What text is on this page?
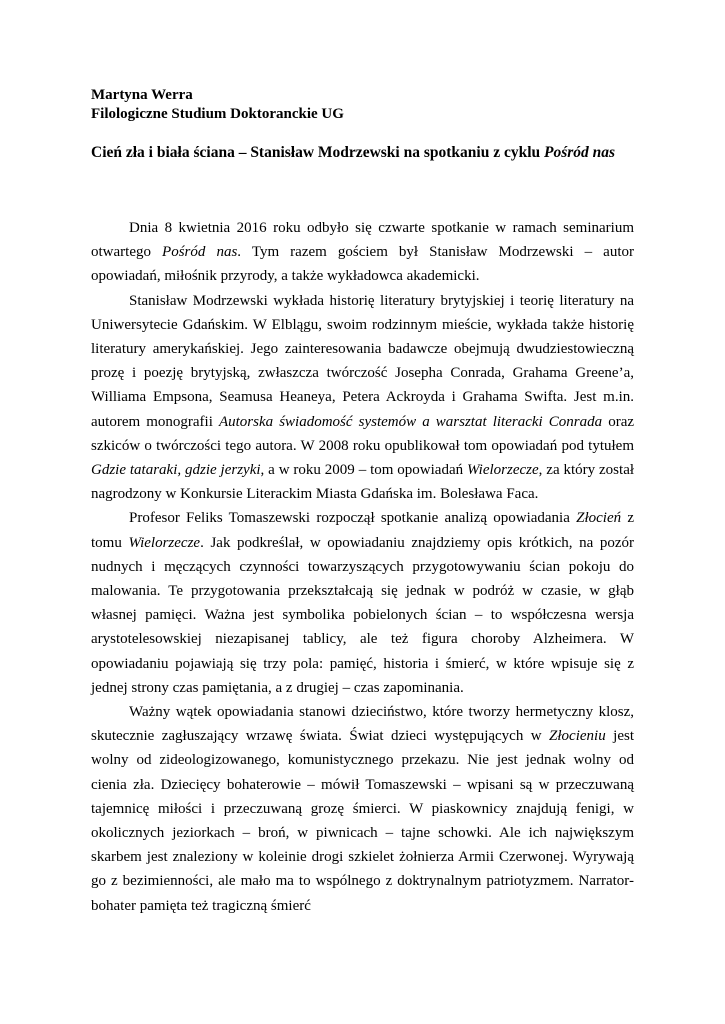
Martyna Werra

Filologiczne Studium Doktoranckie UG

Cień zła i biała ściana – Stanisław Modrzewski na spotkaniu z cyklu Pośród nas

Dnia 8 kwietnia 2016 roku odbyło się czwarte spotkanie w ramach seminarium otwartego Pośród nas. Tym razem gościem był Stanisław Modrzewski – autor opowiadań, miłośnik przyrody, a także wykładowca akademicki.

Stanisław Modrzewski wykłada historię literatury brytyjskiej i teorię literatury na Uniwersytecie Gdańskim. W Elblągu, swoim rodzinnym mieście, wykłada także historię literatury amerykańskiej. Jego zainteresowania badawcze obejmują dwudziestowieczną prozę i poezję brytyjską, zwłaszcza twórczość Josepha Conrada, Grahama Greene’a, Williama Empsona, Seamusa Heaneya, Petera Ackroyda i Grahama Swifta. Jest m.in. autorem monografii Autorska świadomość systemów a warsztat literacki Conrada oraz szkiców o twórczości tego autora. W 2008 roku opublikował tom opowiadań pod tytułem Gdzie tataraki, gdzie jerzyki, a w roku 2009 – tom opowiadań Wielorzecze, za który został nagrodzony w Konkursie Literackim Miasta Gdańska im. Bolesława Faca.

Profesor Feliks Tomaszewski rozpoczął spotkanie analizą opowiadania Złocień z tomu Wielorzecze. Jak podkreślał, w opowiadaniu znajdziemy opis krótkich, na pozór nudnych i męczących czynności towarzyszących przygotowywaniu ścian pokoju do malowania. Te przygotowania przekształcają się jednak w podróż w czasie, w głąb własnej pamięci. Ważna jest symbolika pobielonych ścian – to współczesna wersja arystotelesowskiej niezapisanej tablicy, ale też figura choroby Alzheimera. W opowiadaniu pojawiają się trzy pola: pamięć, historia i śmierć, w które wpisuje się z jednej strony czas pamiętania, a z drugiej – czas zapominania.

Ważny wątek opowiadania stanowi dzieciństwo, które tworzy hermetyczny klosz, skutecznie zagłuszający wrzawę świata. Świat dzieci występujących w Złocieniu jest wolny od zideologizowanego, komunistycznego przekazu. Nie jest jednak wolny od cienia zła. Dziecięcy bohaterowie – mówił Tomaszewski – wpisani są w przeczuwaną tajemnicę miłości i przeczuwaną grozę śmierci. W piaskownicy znajdują fenigi, w okolicznych jeziorkach – broń, w piwnicach – tajne schowki. Ale ich największym skarbem jest znaleziony w koleinie drogi szkielet żołnierza Armii Czerwonej. Wyrywają go z bezimienności, ale mało ma to wspólnego z doktrynalnym patriotyzmem. Narrator-bohater pamięta też tragiczną śmierć
